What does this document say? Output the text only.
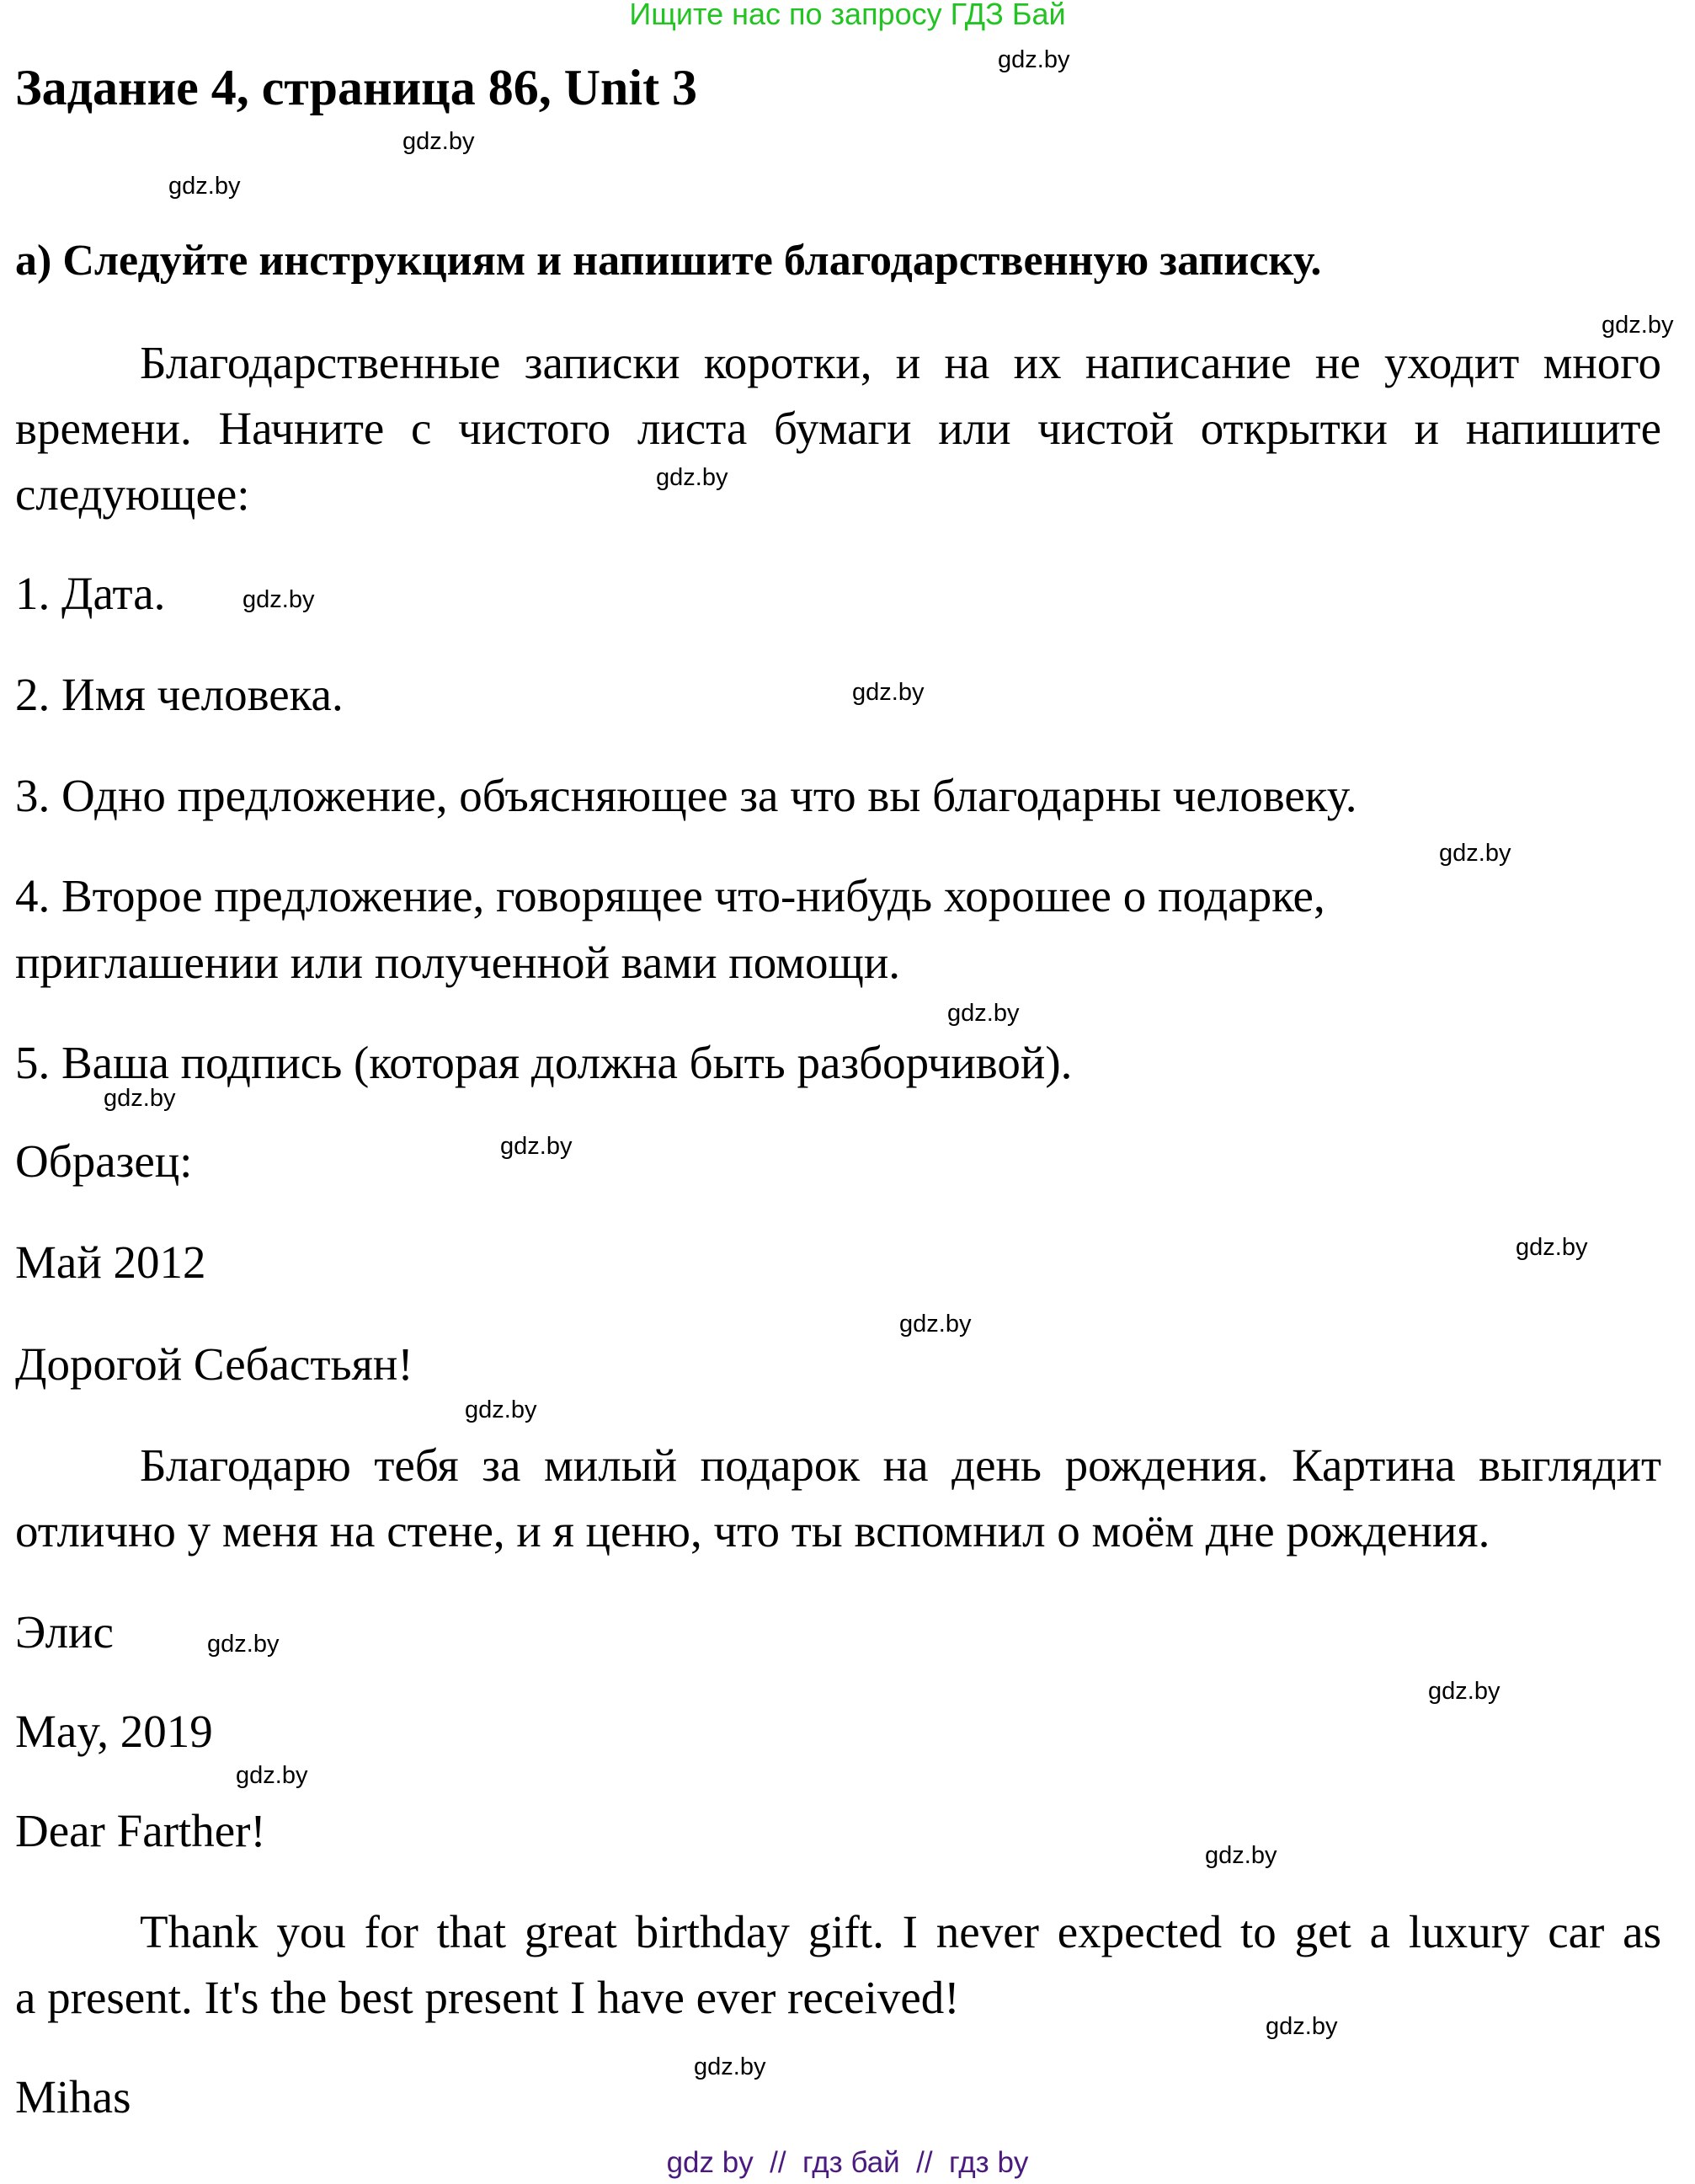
Ищите нас по запросу ГДЗ Бай
Задание 4, страница 86, Unit 3
а) Следуйте инструкциям и напишите благодарственную записку.
Благодарственные записки коротки, и на их написание не уходит много
времени. Начните с чистого листа бумаги или чистой открытки и напишите
следующее:
1. Дата.
2. Имя человека.
3. Одно предложение, объясняющее за что вы благодарны человеку.
4. Второе предложение, говорящее что-нибудь хорошее о подарке,
приглашении или полученной вами помощи.
5. Ваша подпись (которая должна быть разборчивой).
Образец:
Май 2012
Дорогой Себастьян!
Благодарю тебя за милый подарок на день рождения. Картина выглядит
отлично у меня на стене, и я ценю, что ты вспомнил о моём дне рождения.
Элис
May, 2019
Dear Farther!
Thank you for that great birthday gift. I never expected to get a luxury car as
a present. It's the best present I have ever received!
Mihas
gdz.by
gdz.by
gdz.by
gdz.by
gdz.by
gdz.by
gdz.by
gdz.by
gdz.by
gdz.by
gdz.by
gdz.by
gdz.by
gdz.by
gdz.by
gdz.by
gdz.by
gdz.by
gdz.by
gdz.by
gdz by  //  гдз бай  //  гдз by
